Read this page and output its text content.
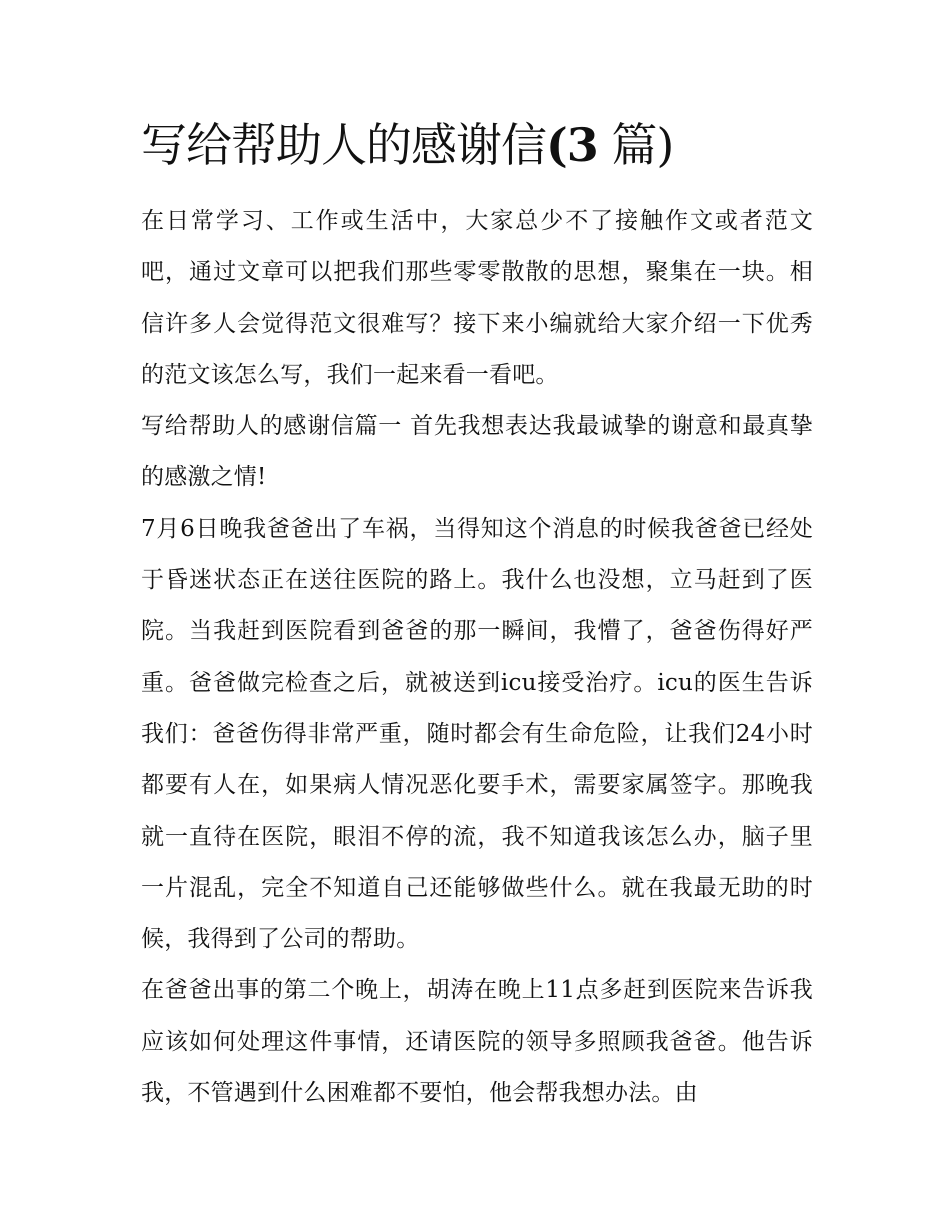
写给帮助人的感谢信(3 篇)

在日常学习、工作或生活中，大家总少不了接触作文或者范文吧，通过文章可以把我们那些零零散散的思想，聚集在一块。相信许多人会觉得范文很难写？接下来小编就给大家介绍一下优秀的范文该怎么写，我们一起来看一看吧。

写给帮助人的感谢信篇一 首先我想表达我最诚挚的谢意和最真挚的感激之情!

7月6日晚我爸爸出了车祸，当得知这个消息的时候我爸爸已经处于昏迷状态正在送往医院的路上。我什么也没想，立马赶到了医院。当我赶到医院看到爸爸的那一瞬间，我懵了，爸爸伤得好严重。爸爸做完检查之后，就被送到icu接受治疗。icu的医生告诉我们：爸爸伤得非常严重，随时都会有生命危险，让我们24小时都要有人在，如果病人情况恶化要手术，需要家属签字。那晚我就一直待在医院，眼泪不停的流，我不知道我该怎么办，脑子里一片混乱，完全不知道自己还能够做些什么。就在我最无助的时候，我得到了公司的帮助。

在爸爸出事的第二个晚上，胡涛在晚上11点多赶到医院来告诉我应该如何处理这件事情，还请医院的领导多照顾我爸爸。他告诉我，不管遇到什么困难都不要怕，他会帮我想办法。由
